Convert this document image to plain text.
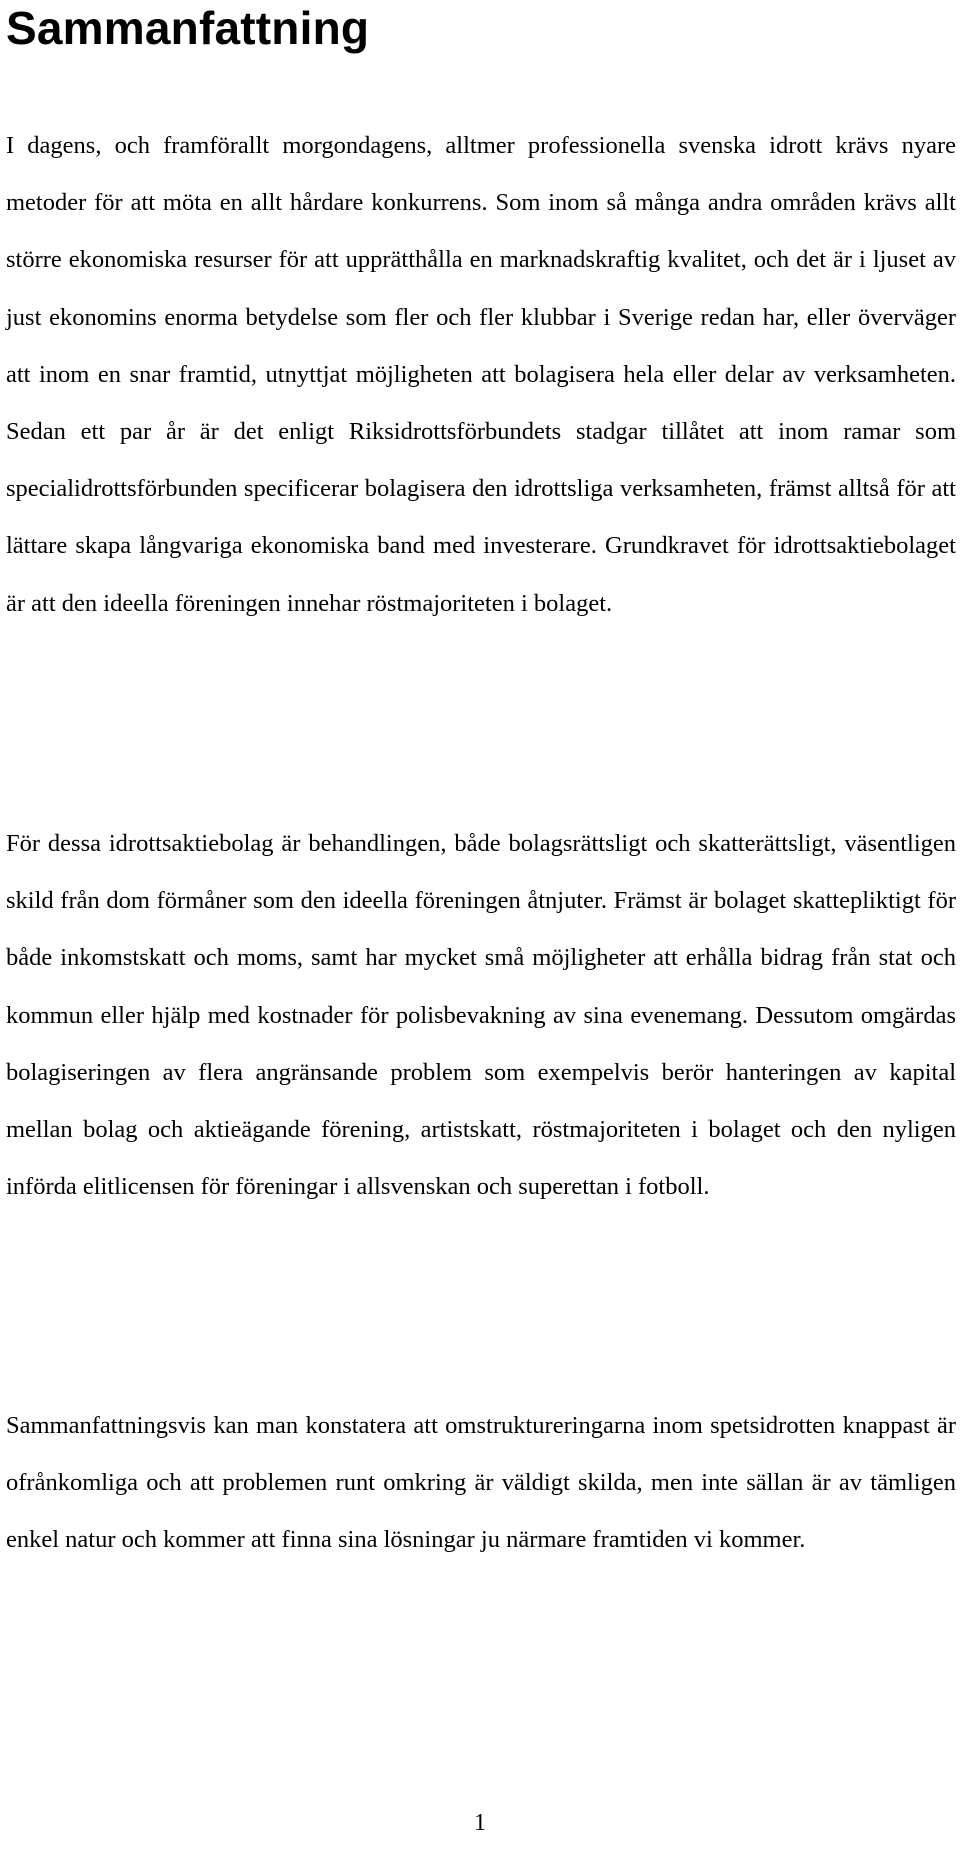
Sammanfattning

I dagens, och framförallt morgondagens, alltmer professionella svenska idrott krävs nyare metoder för att möta en allt hårdare konkurrens. Som inom så många andra områden krävs allt större ekonomiska resurser för att upprätthålla en marknadskraftig kvalitet, och det är i ljuset av just ekonomins enorma betydelse som fler och fler klubbar i Sverige redan har, eller överväger att inom en snar framtid, utnyttjat möjligheten att bolagisera hela eller delar av verksamheten. Sedan ett par år är det enligt Riksidrottsförbundets stadgar tillåtet att inom ramar som specialidrottsförbunden specificerar bolagisera den idrottsliga verksamheten, främst alltså för att lättare skapa långvariga ekonomiska band med investerare. Grundkravet för idrottsaktiebolaget är att den ideella föreningen innehar röstmajoriteten i bolaget.

För dessa idrottsaktiebolag är behandlingen, både bolagsrättsligt och skatterättsligt, väsentligen skild från dom förmåner som den ideella föreningen åtnjuter. Främst är bolaget skattepliktigt för både inkomstskatt och moms, samt har mycket små möjligheter att erhålla bidrag från stat och kommun eller hjälp med kostnader för polisbevakning av sina evenemang. Dessutom omgärdas bolagiseringen av flera angränsande problem som exempelvis berör hanteringen av kapital mellan bolag och aktieägande förening, artistskatt, röstmajoriteten i bolaget och den nyligen införda elitlicensen för föreningar i allsvenskan och superettan i fotboll.

Sammanfattningsvis kan man konstatera att omstruktureringarna inom spetsidrotten knappast är ofrånkomliga och att problemen runt omkring är väldigt skilda, men inte sällan är av tämligen enkel natur och kommer att finna sina lösningar ju närmare framtiden vi kommer.

1
